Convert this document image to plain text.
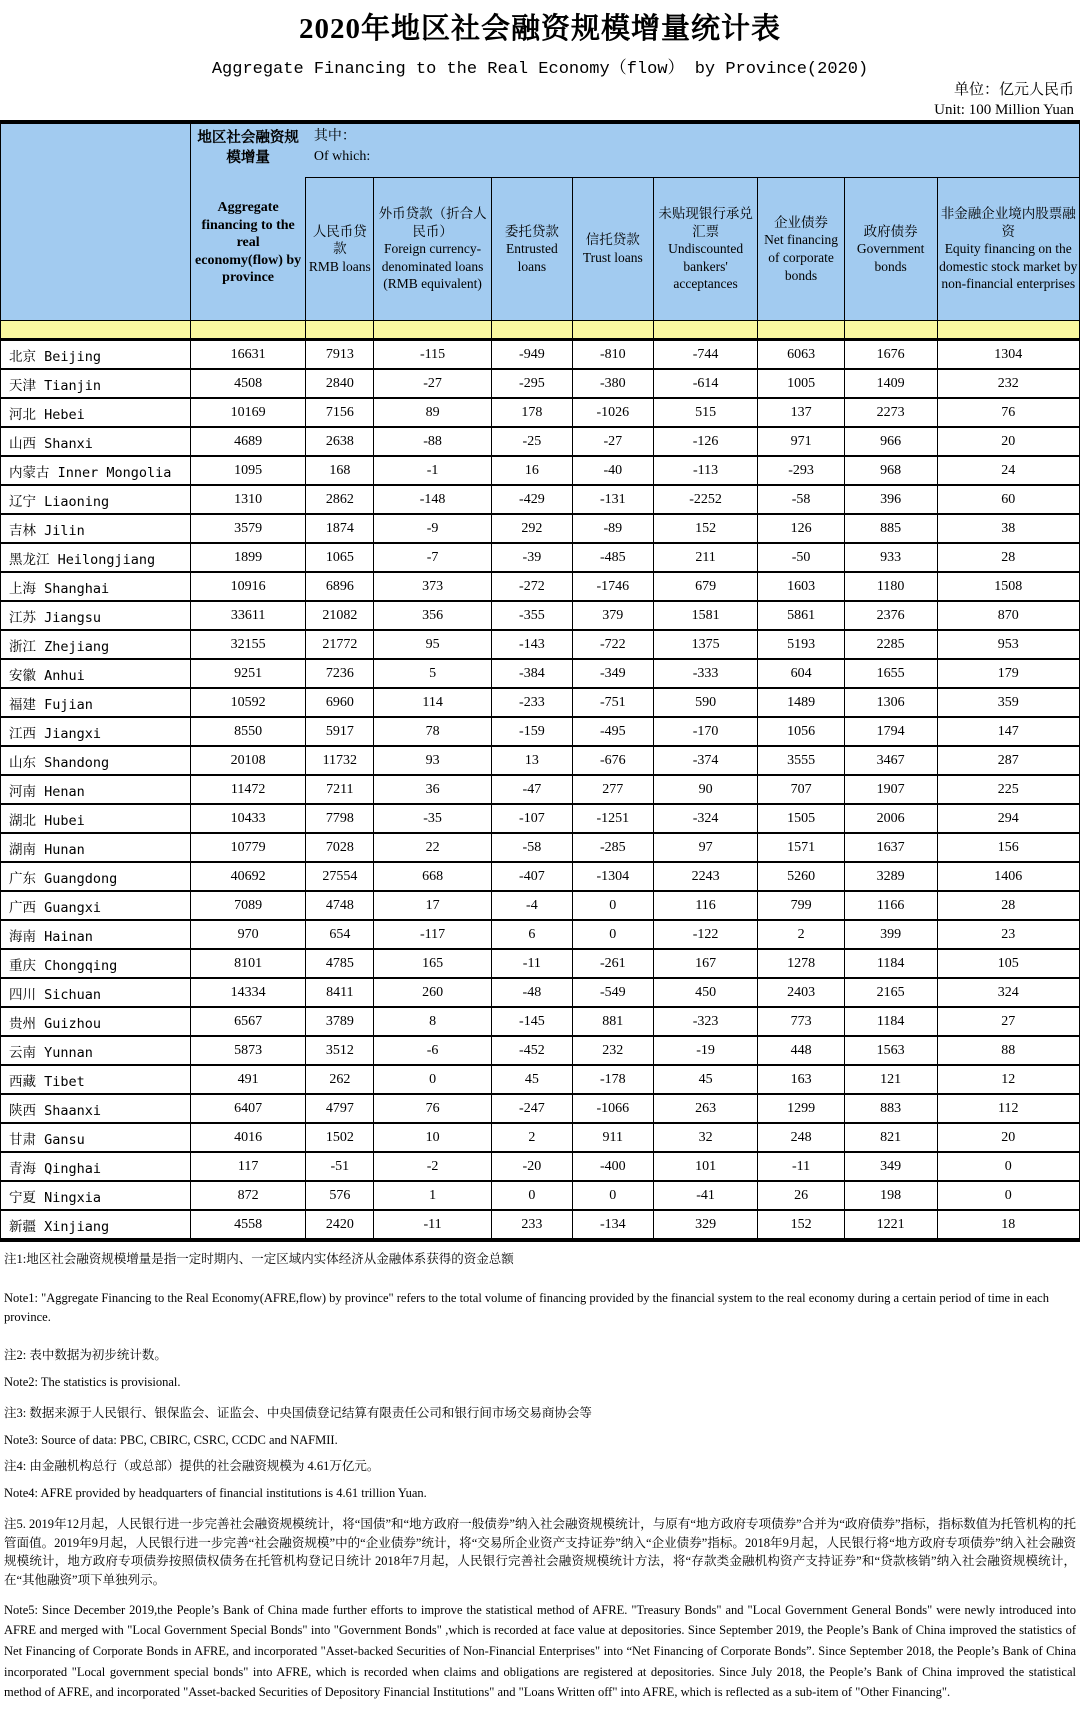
2020年地区社会融资规模增量统计表
Aggregate Financing to the Real Economy（flow） by Province(2020)
单位：亿元人民币
Unit: 100 Million Yuan

地区社会融资规模增量
Aggregate financing to the real economy(flow) by province

其中：
Of which:

人民币贷款
RMB loans

外币贷款（折合人民币）
Foreign currency-denominated loans (RMB equivalent)

委托贷款
Entrusted loans

信托贷款
Trust loans

未贴现银行承兑汇票
Undiscounted bankers' acceptances

企业债券
Net financing of corporate bonds

政府债券
Government bonds

非金融企业境内股票融资
Equity financing on the domestic stock market by non-financial enterprises

北京 Beijing	16631	7913	-115	-949	-810	-744	6063	1676	1304
天津 Tianjin	4508	2840	-27	-295	-380	-614	1005	1409	232
河北 Hebei	10169	7156	89	178	-1026	515	137	2273	76
山西 Shanxi	4689	2638	-88	-25	-27	-126	971	966	20
内蒙古 Inner Mongolia	1095	168	-1	16	-40	-113	-293	968	24
辽宁 Liaoning	1310	2862	-148	-429	-131	-2252	-58	396	60
吉林 Jilin	3579	1874	-9	292	-89	152	126	885	38
黑龙江 Heilongjiang	1899	1065	-7	-39	-485	211	-50	933	28
上海 Shanghai	10916	6896	373	-272	-1746	679	1603	1180	1508
江苏 Jiangsu	33611	21082	356	-355	379	1581	5861	2376	870
浙江 Zhejiang	32155	21772	95	-143	-722	1375	5193	2285	953
安徽 Anhui	9251	7236	5	-384	-349	-333	604	1655	179
福建 Fujian	10592	6960	114	-233	-751	590	1489	1306	359
江西 Jiangxi	8550	5917	78	-159	-495	-170	1056	1794	147
山东 Shandong	20108	11732	93	13	-676	-374	3555	3467	287
河南 Henan	11472	7211	36	-47	277	90	707	1907	225
湖北 Hubei	10433	7798	-35	-107	-1251	-324	1505	2006	294
湖南 Hunan	10779	7028	22	-58	-285	97	1571	1637	156
广东 Guangdong	40692	27554	668	-407	-1304	2243	5260	3289	1406
广西 Guangxi	7089	4748	17	-4	0	116	799	1166	28
海南 Hainan	970	654	-117	6	0	-122	2	399	23
重庆 Chongqing	8101	4785	165	-11	-261	167	1278	1184	105
四川 Sichuan	14334	8411	260	-48	-549	450	2403	2165	324
贵州 Guizhou	6567	3789	8	-145	881	-323	773	1184	27
云南 Yunnan	5873	3512	-6	-452	232	-19	448	1563	88
西藏 Tibet	491	262	0	45	-178	45	163	121	12
陕西 Shaanxi	6407	4797	76	-247	-1066	263	1299	883	112
甘肃 Gansu	4016	1502	10	2	911	32	248	821	20
青海 Qinghai	117	-51	-2	-20	-400	101	-11	349	0
宁夏 Ningxia	872	576	1	0	0	-41	26	198	0
新疆 Xinjiang	4558	2420	-11	233	-134	329	152	1221	18

注1:地区社会融资规模增量是指一定时期内、一定区域内实体经济从金融体系获得的资金总额

Note1: "Aggregate Financing to the Real Economy(AFRE,flow) by province" refers to the total volume of financing provided by the financial system to the real economy during a certain period of time in each province.

注2: 表中数据为初步统计数。

Note2: The statistics is provisional.

注3: 数据来源于人民银行、银保监会、证监会、中央国债登记结算有限责任公司和银行间市场交易商协会等

Note3: Source of data: PBC, CBIRC, CSRC, CCDC and NAFMII.

注4: 由金融机构总行（或总部）提供的社会融资规模为 4.61万亿元。

Note4: AFRE provided by headquarters of financial institutions is 4.61 trillion Yuan.

注5. 2019年12月起，人民银行进一步完善社会融资规模统计，将“国债”和“地方政府一般债券”纳入社会融资规模统计，与原有“地方政府专项债券”合并为“政府债券”指标，指标数值为托管机构的托管面值。2019年9月起，人民银行进一步完善“社会融资规模”中的“企业债券”统计，将“交易所企业资产支持证券”纳入“企业债券”指标。2018年9月起，人民银行将“地方政府专项债券”纳入社会融资规模统计，地方政府专项债券按照债权债务在托管机构登记日统计 2018年7月起，人民银行完善社会融资规模统计方法，将“存款类金融机构资产支持证券”和“贷款核销”纳入社会融资规模统计，在“其他融资”项下单独列示。

Note5: Since December 2019,the People’s Bank of China made further efforts to improve the statistical method of AFRE. "Treasury Bonds" and "Local Government General Bonds" were newly introduced into AFRE and merged with "Local Government Special Bonds" into "Government Bonds" ,which is recorded at face value at depositories. Since September 2019, the People’s Bank of China improved the statistics of Net Financing of Corporate Bonds in AFRE, and incorporated "Asset-backed Securities of Non-Financial Enterprises" into “Net Financing of Corporate Bonds”. Since September 2018, the People’s Bank of China incorporated "Local government special bonds" into AFRE, which is recorded when claims and obligations are registered at depositories. Since July 2018, the People’s Bank of China improved the statistical method of AFRE, and incorporated "Asset-backed Securities of Depository Financial Institutions" and "Loans Written off" into AFRE, which is reflected as a sub-item of "Other Financing".
